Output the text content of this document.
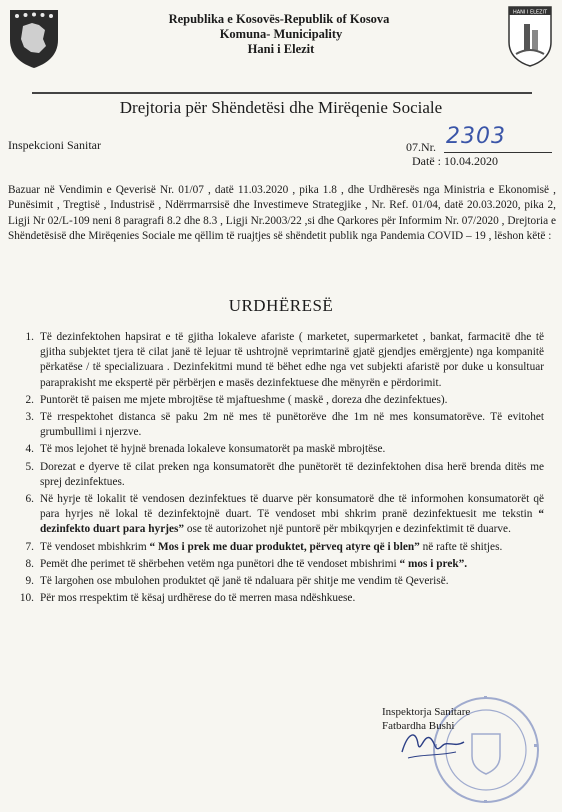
HANI I ELEZIT
Republika e Kosovës-Republik of Kosova
Komuna- Municipality
Hani i Elezit
Drejtoria për Shëndetësi dhe Mirëqenie Sociale
Inspekcioni Sanitar	07.Nr. 2303
Datë : 10.04.2020
Bazuar në Vendimin e Qeverisë Nr. 01/07 , datë 11.03.2020 , pika 1.8 , dhe Urdhëresës nga Ministria e Ekonomisë , Punësimit , Tregtisë , Industrisë , Ndërrmarrsisë dhe Investimeve Strategjike , Nr. Ref. 01/04, datë 20.03.2020, pika 2, Ligji Nr 02/L-109 neni 8 paragrafi 8.2 dhe 8.3 , Ligji Nr.2003/22 ,si dhe Qarkores për Informim Nr. 07/2020 , Drejtoria e Shëndetësisë dhe Mirëqenies Sociale me qëllim të ruajtjes së shëndetit publik nga Pandemia COVID – 19 , lëshon këtë :
URDHËRESË
1. Të dezinfektohen hapsirat e të gjitha lokaleve afariste ( marketet, supermarketet , bankat, farmacitë dhe të gjitha subjektet tjera të cilat janë të lejuar të ushtrojnë veprimtarinë gjatë gjendjes emërgjente) nga kompanitë përkatëse / të specializuara . Dezinfekitmi mund të bëhet edhe nga vet subjekti afaristë por duke u konsultuar paraprakisht me ekspertë për përbërjen e masës dezinfektuese dhe mënyrën e përdorimit.
2. Puntorët të paisen me mjete mbrojtëse të mjaftueshme ( maskë , doreza dhe dezinfektues).
3. Të rrespektohet distanca së paku 2m në mes të punëtorëve dhe 1m në mes konsumatorëve. Të evitohet grumbullimi i njerzve.
4. Të mos lejohet të hyjnë brenada lokaleve konsumatorët pa maskë mbrojtëse.
5. Dorezat e dyerve të cilat preken nga konsumatorët dhe punëtorët të dezinfektohen disa herë brenda ditës me sprej dezinfektues.
6. Në hyrje të lokalit të vendosen dezinfektues të duarve për konsumatorë dhe të informohen konsumatorët që para hyrjes në lokal të dezinfektojnë duart. Të vendoset mbi shkrim pranë dezinfektuesit me tekstin “ dezinfekto duart para hyrjes” ose të autorizohet një puntorë për mbikqyrjen e dezinfektimit të duarve.
7. Të vendoset mbishkrim “ Mos i prek me duar produktet, përveq atyre që i blen” në rafte të shitjes.
8. Pemët dhe perimet të shërbehen vetëm nga punëtori dhe të vendoset mbishrimi “ mos i prek”.
9. Të largohen ose mbulohen produktet që janë të ndaluara për shitje me vendim të Qeverisë.
10. Për mos rrespektim të kësaj urdhërese do të merren masa ndëshkuese.
Inspektorja Sanitare
Fatbardha Bushi
